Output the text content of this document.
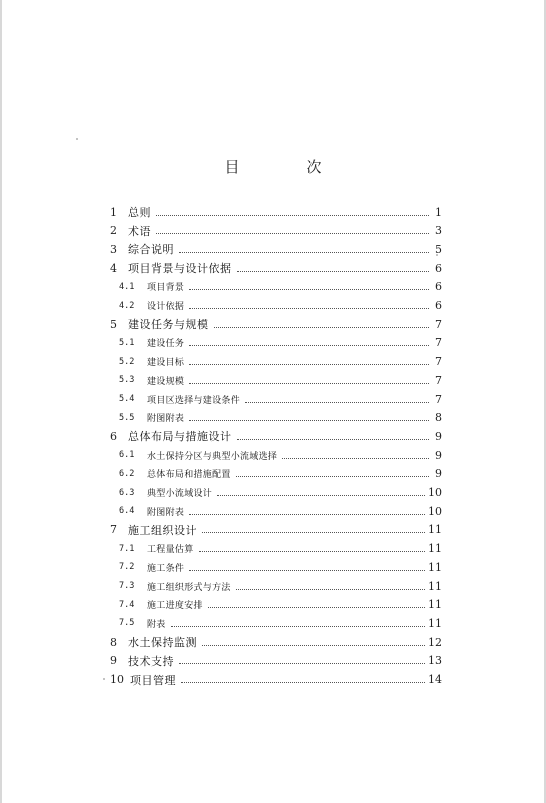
目　次
1	总则	1
2	术语	3
3	综合说明	5
4	项目背景与设计依据	6
4.1	项目背景	6
4.2	设计依据	6
5	建设任务与规模	7
5.1	建设任务	7
5.2	建设目标	7
5.3	建设规模	7
5.4	项目区选择与建设条件	7
5.5	附图附表	8
6	总体布局与措施设计	9
6.1	水土保持分区与典型小流域选择	9
6.2	总体布局和措施配置	9
6.3	典型小流域设计	10
6.4	附图附表	10
7	施工组织设计	11
7.1	工程量估算	11
7.2	施工条件	11
7.3	施工组织形式与方法	11
7.4	施工进度安排	11
7.5	附表	11
8	水土保持监测	12
9	技术支持	13
10 项目管理	14
